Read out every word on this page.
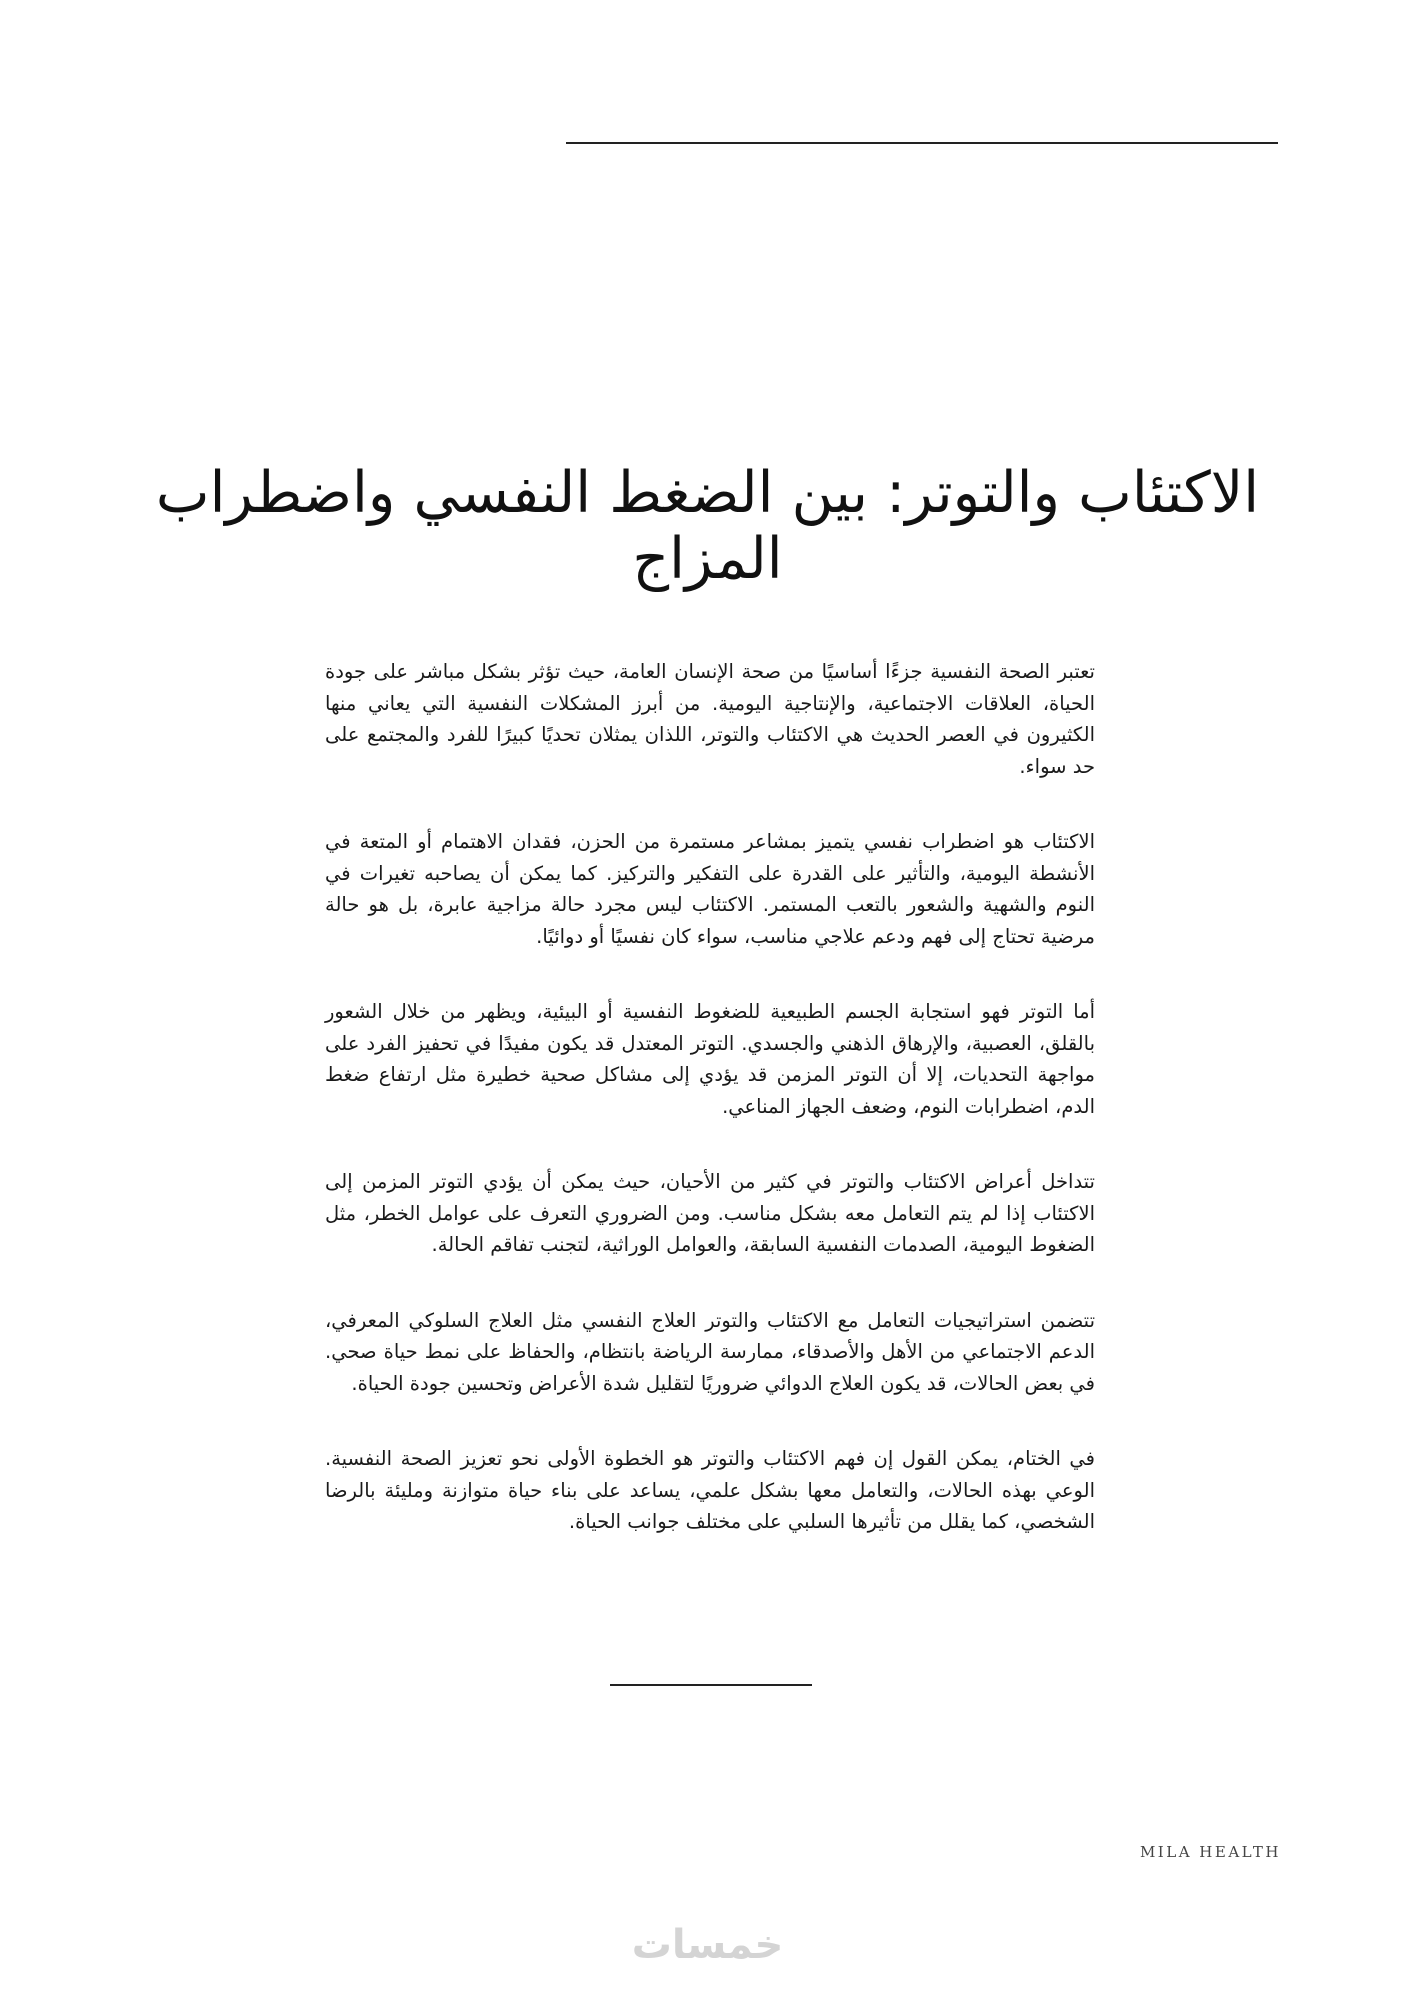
الاكتئاب والتوتر: بين الضغط النفسي واضطراب المزاج

تعتبر الصحة النفسية جزءًا أساسيًا من صحة الإنسان العامة، حيث تؤثر بشكل مباشر على جودة الحياة، العلاقات الاجتماعية، والإنتاجية اليومية. من أبرز المشكلات النفسية التي يعاني منها الكثيرون في العصر الحديث هي الاكتئاب والتوتر، اللذان يمثلان تحديًا كبيرًا للفرد والمجتمع على حد سواء.

الاكتئاب هو اضطراب نفسي يتميز بمشاعر مستمرة من الحزن، فقدان الاهتمام أو المتعة في الأنشطة اليومية، والتأثير على القدرة على التفكير والتركيز. كما يمكن أن يصاحبه تغيرات في النوم والشهية والشعور بالتعب المستمر. الاكتئاب ليس مجرد حالة مزاجية عابرة، بل هو حالة مرضية تحتاج إلى فهم ودعم علاجي مناسب، سواء كان نفسيًا أو دوائيًا.

أما التوتر فهو استجابة الجسم الطبيعية للضغوط النفسية أو البيئية، ويظهر من خلال الشعور بالقلق، العصبية، والإرهاق الذهني والجسدي. التوتر المعتدل قد يكون مفيدًا في تحفيز الفرد على مواجهة التحديات، إلا أن التوتر المزمن قد يؤدي إلى مشاكل صحية خطيرة مثل ارتفاع ضغط الدم، اضطرابات النوم، وضعف الجهاز المناعي.

تتداخل أعراض الاكتئاب والتوتر في كثير من الأحيان، حيث يمكن أن يؤدي التوتر المزمن إلى الاكتئاب إذا لم يتم التعامل معه بشكل مناسب. ومن الضروري التعرف على عوامل الخطر، مثل الضغوط اليومية، الصدمات النفسية السابقة، والعوامل الوراثية، لتجنب تفاقم الحالة.

تتضمن استراتيجيات التعامل مع الاكتئاب والتوتر العلاج النفسي مثل العلاج السلوكي المعرفي، الدعم الاجتماعي من الأهل والأصدقاء، ممارسة الرياضة بانتظام، والحفاظ على نمط حياة صحي. في بعض الحالات، قد يكون العلاج الدوائي ضروريًا لتقليل شدة الأعراض وتحسين جودة الحياة.

في الختام، يمكن القول إن فهم الاكتئاب والتوتر هو الخطوة الأولى نحو تعزيز الصحة النفسية. الوعي بهذه الحالات، والتعامل معها بشكل علمي، يساعد على بناء حياة متوازنة ومليئة بالرضا الشخصي، كما يقلل من تأثيرها السلبي على مختلف جوانب الحياة.

MILA HEALTH
خمسات
